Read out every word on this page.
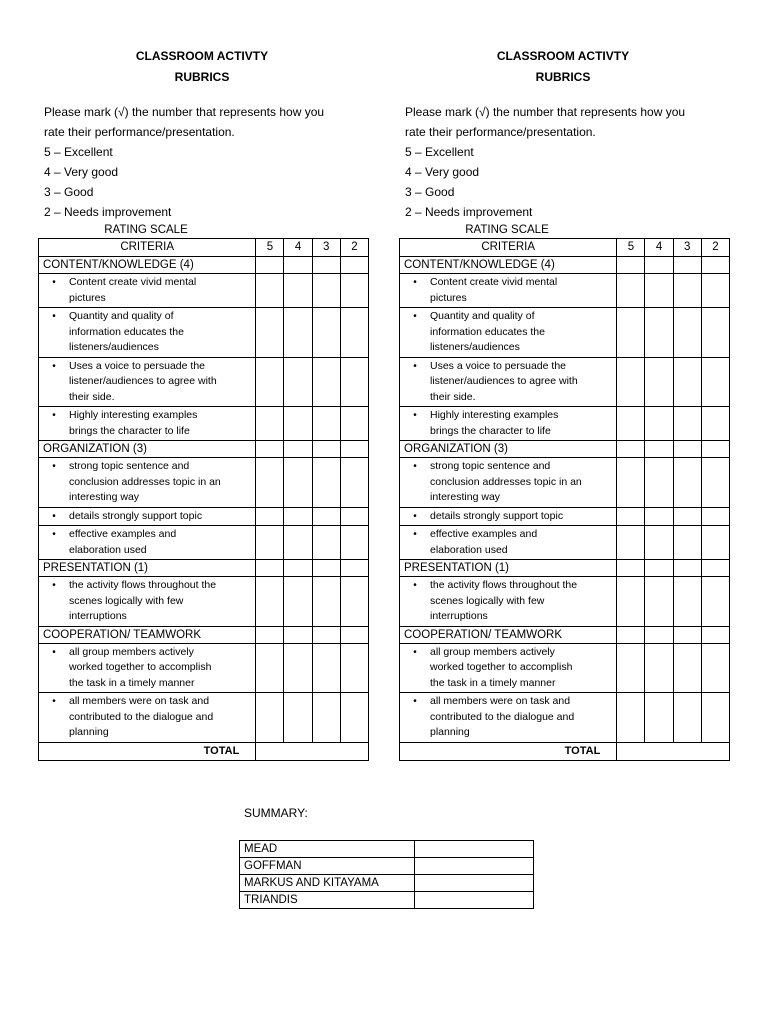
CLASSROOM ACTIVTY
RUBRICS
Please mark (√) the number that represents how you
rate their performance/presentation.
5 – Excellent
4 – Very good
3 – Good
2 – Needs improvement
RATING SCALE
CRITERIA	5	4	3	2
CONTENT/KNOWLEDGE (4)				

• Content create vivid mental
pictures				

• Quantity and quality of
information educates the
listeners/audiences				

• Uses a voice to persuade the
listener/audiences to agree with
their side.				

• Highly interesting examples
brings the character to life				

ORGANIZATION (3)				

• strong topic sentence and
conclusion addresses topic in an
interesting way				

• details strongly support topic				

• effective examples and
elaboration used				

PRESENTATION (1)				

• the activity flows throughout the
scenes logically with few
interruptions				

COOPERATION/ TEAMWORK				

• all group members actively
worked together to accomplish
the task in a timely manner				

• all members were on task and
contributed to the dialogue and
planning				

TOTAL				
CLASSROOM ACTIVTY
RUBRICS
Please mark (√) the number that represents how you
rate their performance/presentation.
5 – Excellent
4 – Very good
3 – Good
2 – Needs improvement
RATING SCALE
CRITERIA	5	4	3	2
CONTENT/KNOWLEDGE (4)				

• Content create vivid mental
pictures				

• Quantity and quality of
information educates the
listeners/audiences				

• Uses a voice to persuade the
listener/audiences to agree with
their side.				

• Highly interesting examples
brings the character to life				

ORGANIZATION (3)				

• strong topic sentence and
conclusion addresses topic in an
interesting way				

• details strongly support topic				

• effective examples and
elaboration used				

PRESENTATION (1)				

• the activity flows throughout the
scenes logically with few
interruptions				

COOPERATION/ TEAMWORK				

• all group members actively
worked together to accomplish
the task in a timely manner				

• all members were on task and
contributed to the dialogue and
planning				

TOTAL				
SUMMARY:
MEAD	
GOFFMAN	
MARKUS AND KITAYAMA	
TRIANDIS	
